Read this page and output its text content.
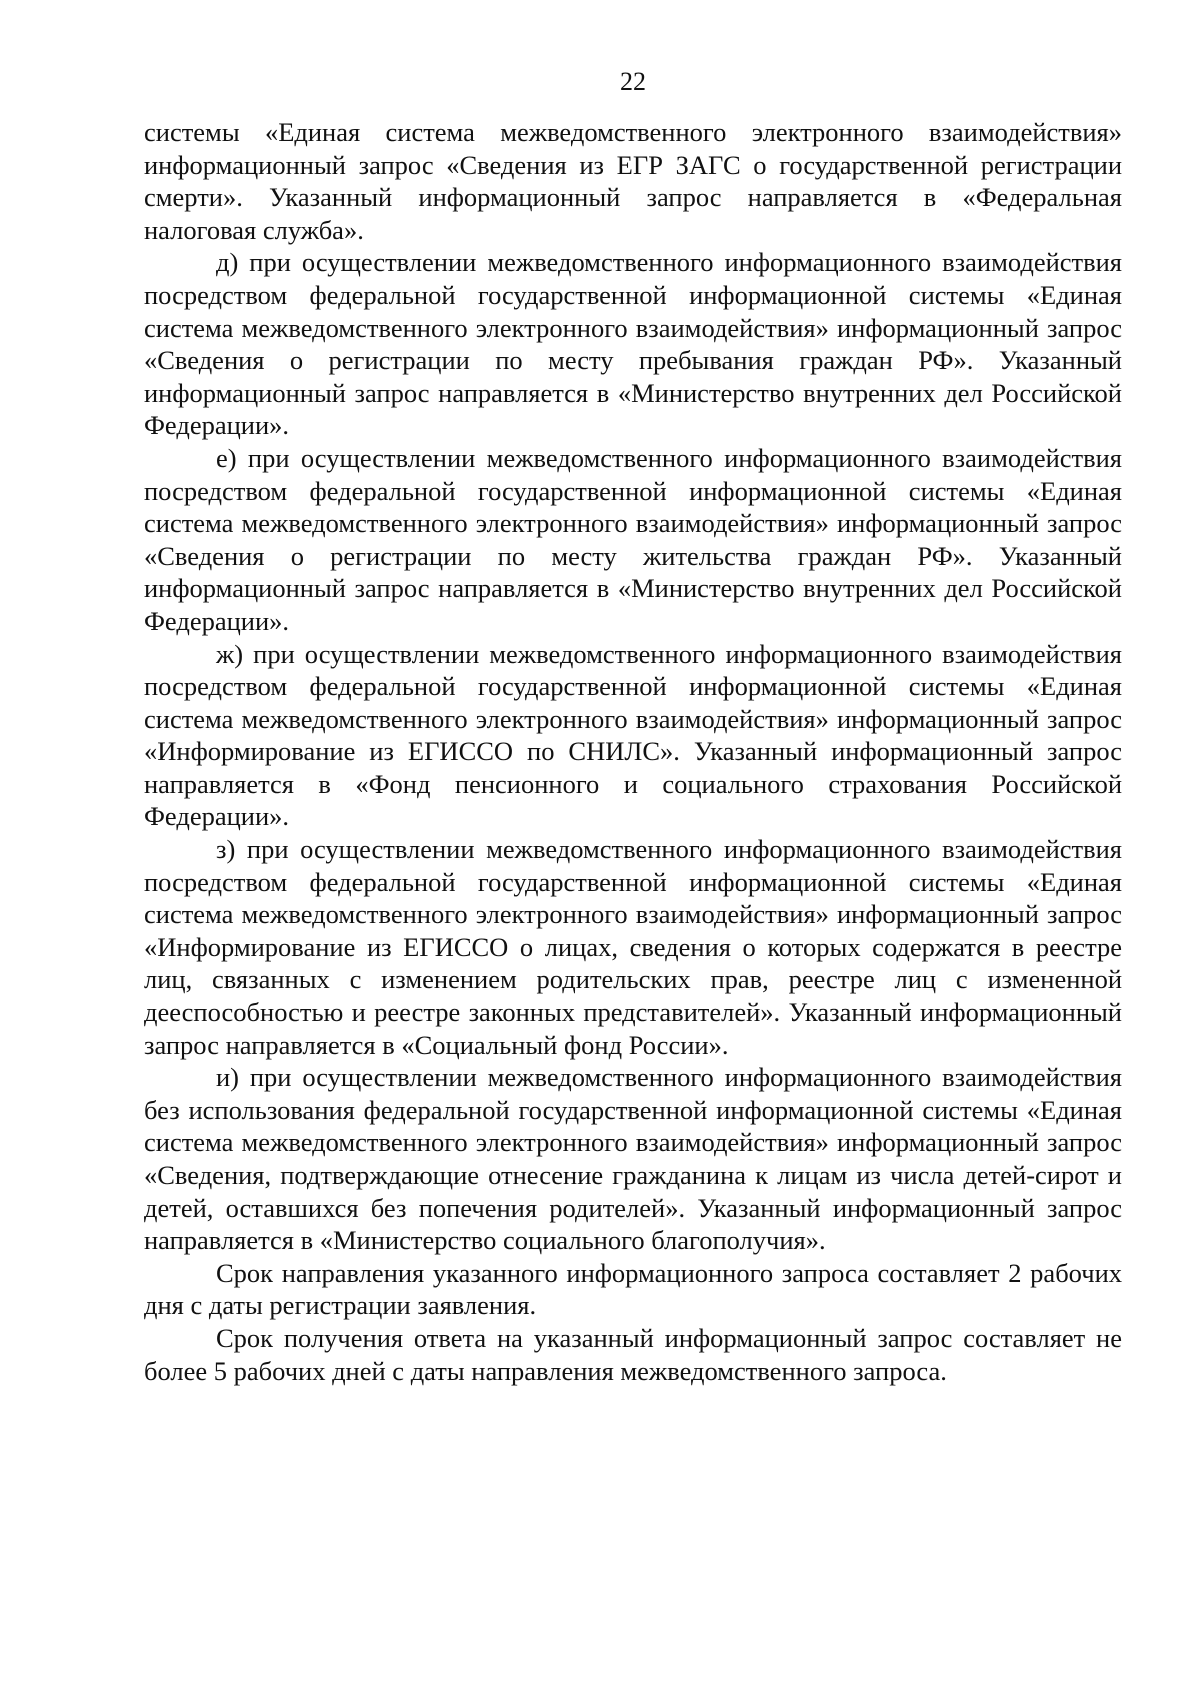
22

системы «Единая система межведомственного электронного взаимодействия» информационный запрос «Сведения из ЕГР ЗАГС о государственной регистрации смерти». Указанный информационный запрос направляется в «Федеральная налоговая служба».

д) при осуществлении межведомственного информационного взаимодействия посредством федеральной государственной информационной системы «Единая система межведомственного электронного взаимодействия» информационный запрос «Сведения о регистрации по месту пребывания граждан РФ». Указанный информационный запрос направляется в «Министерство внутренних дел Российской Федерации».

е) при осуществлении межведомственного информационного взаимодействия посредством федеральной государственной информационной системы «Единая система межведомственного электронного взаимодействия» информационный запрос «Сведения о регистрации по месту жительства граждан РФ». Указанный информационный запрос направляется в «Министерство внутренних дел Российской Федерации».

ж) при осуществлении межведомственного информационного взаимодействия посредством федеральной государственной информационной системы «Единая система межведомственного электронного взаимодействия» информационный запрос «Информирование из ЕГИССО по СНИЛС». Указанный информационный запрос направляется в «Фонд пенсионного и социального страхования Российской Федерации».

з) при осуществлении межведомственного информационного взаимодействия посредством федеральной государственной информационной системы «Единая система межведомственного электронного взаимодействия» информационный запрос «Информирование из ЕГИССО о лицах, сведения о которых содержатся в реестре лиц, связанных с изменением родительских прав, реестре лиц с измененной дееспособностью и реестре законных представителей». Указанный информационный запрос направляется в «Социальный фонд России».

и) при осуществлении межведомственного информационного взаимодействия без использования федеральной государственной информационной системы «Единая система межведомственного электронного взаимодействия» информационный запрос «Сведения, подтверждающие отнесение гражданина к лицам из числа детей-сирот и детей, оставшихся без попечения родителей». Указанный информационный запрос направляется в «Министерство социального благополучия».

Срок направления указанного информационного запроса составляет 2 рабочих дня с даты регистрации заявления.

Срок получения ответа на указанный информационный запрос составляет не более 5 рабочих дней с даты направления межведомственного запроса.
